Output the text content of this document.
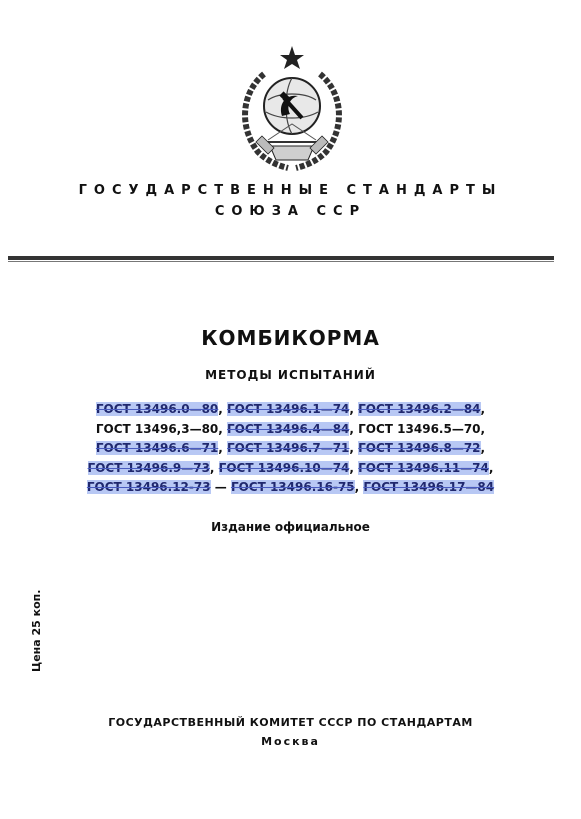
ГОСУДАРСТВЕННЫЕ СТАНДАРТЫ
СОЮЗА ССР
КОМБИКОРМА
МЕТОДЫ ИСПЫТАНИЙ
ГОСТ 13496.0—80, ГОСТ 13496.1—74, ГОСТ 13496.2—84,
ГОСТ 13496,3—80, ГОСТ 13496.4—84, ГОСТ 13496.5—70,
ГОСТ 13496.6—71, ГОСТ 13496.7—71, ГОСТ 13496.8—72,
ГОСТ 13496.9—73, ГОСТ 13496.10—74, ГОСТ 13496.11—74,
ГОСТ 13496.12-73 — ГОСТ 13496.16-75, ГОСТ 13496.17—84
Издание официальное
Цена 25 коп.
ГОСУДАРСТВЕННЫЙ КОМИТЕТ СССР ПО СТАНДАРТАМ
Москва
